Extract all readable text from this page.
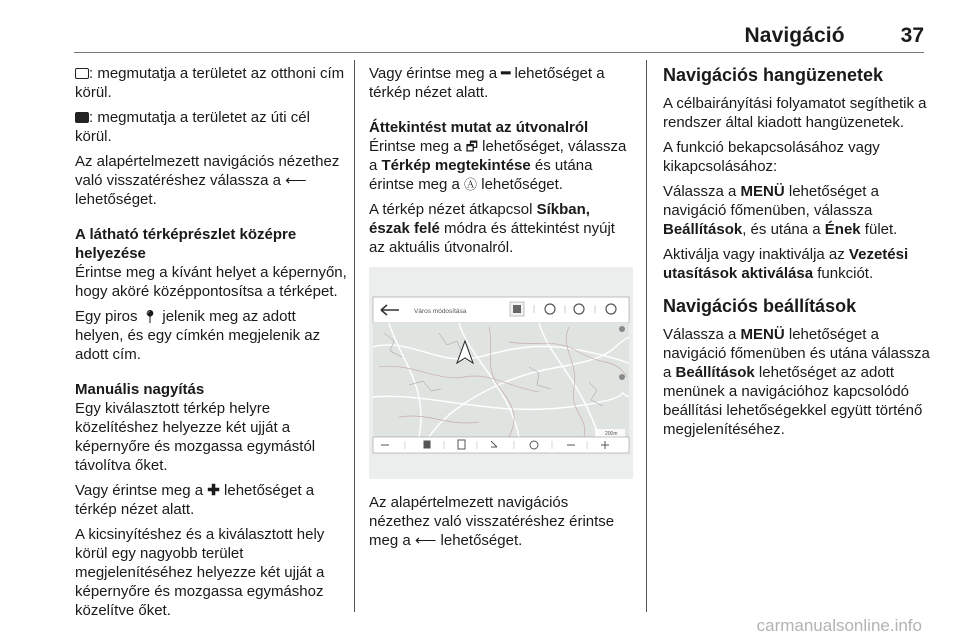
Navigáció	37

: megmutatja a területet az otthoni cím körül.

: megmutatja a területet az úti cél körül.

Az alapértelmezett navigációs nézethez való visszatéréshez válassza a ⟵ lehetőséget.

A látható térképrészlet középre helyezése

Érintse meg a kívánt helyet a képernyőn, hogy aköré középpontosítsa a térképet.

Egy piros 📍︎ jelenik meg az adott helyen, és egy címkén megjelenik az adott cím.

Manuális nagyítás

Egy kiválasztott térkép helyre közelítéshez helyezze két ujját a képernyőre és mozgassa egymástól távolítva őket.

Vagy érintse meg a ✚ lehetőséget a térkép nézet alatt.

A kicsinyítéshez és a kiválasztott hely körül egy nagyobb terület megjelenítéséhez helyezze két ujját a képernyőre és mozgassa egymáshoz közelítve őket.

Vagy érintse meg a ━ lehetőséget a térkép nézet alatt.

Áttekintést mutat az útvonalról

Érintse meg a 🗗︎ lehetőséget, válassza a Térkép megtekintése és utána érintse meg a Ⓐ lehetőséget.

A térkép nézet átkapcsol Síkban, észak felé módra és áttekintést nyújt az aktuális útvonalról.

Város módosítása
200m

Az alapértelmezett navigációs nézethez való visszatéréshez érintse meg a ⟵ lehetőséget.

Navigációs hangüzenetek

A célbairányítási folyamatot segíthetik a rendszer által kiadott hangüzenetek.

A funkció bekapcsolásához vagy kikapcsolásához:

Válassza a MENÜ lehetőséget a navigáció főmenüben, válassza Beállítások, és utána a Ének fület.

Aktiválja vagy inaktiválja az Vezetési utasítások aktiválása funkciót.

Navigációs beállítások

Válassza a MENÜ lehetőséget a navigáció főmenüben és utána válassza a Beállítások lehetőséget az adott menünek a navigációhoz kapcsolódó beállítási lehetőségekkel együtt történő megjelenítéséhez.

carmanualsonline.info
